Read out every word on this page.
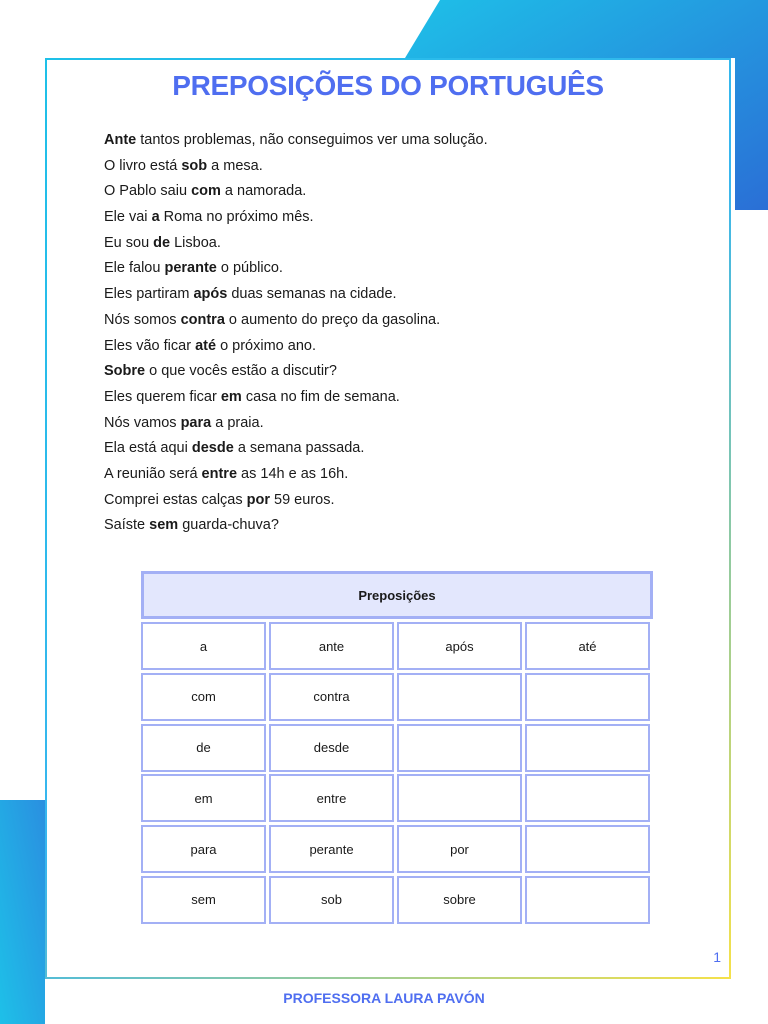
PREPOSIÇÕES DO PORTUGUÊS
Ante tantos problemas, não conseguimos ver uma solução.
O livro está sob a mesa.
O Pablo saiu com a namorada.
Ele vai a Roma no próximo mês.
Eu sou de Lisboa.
Ele falou perante o público.
Eles partiram após duas semanas na cidade.
Nós somos contra o aumento do preço da gasolina.
Eles vão ficar até o próximo ano.
Sobre o que vocês estão a discutir?
Eles querem ficar em casa no fim de semana.
Nós vamos para a praia.
Ela está aqui desde a semana passada.
A reunião será entre as 14h e as 16h.
Comprei estas calças por 59 euros.
Saíste sem guarda-chuva?
Preposições
a	ante	após	até
com	contra
de	desde
em	entre
para	perante	por
sem	sob	sobre
1
PROFESSORA LAURA PAVÓN
